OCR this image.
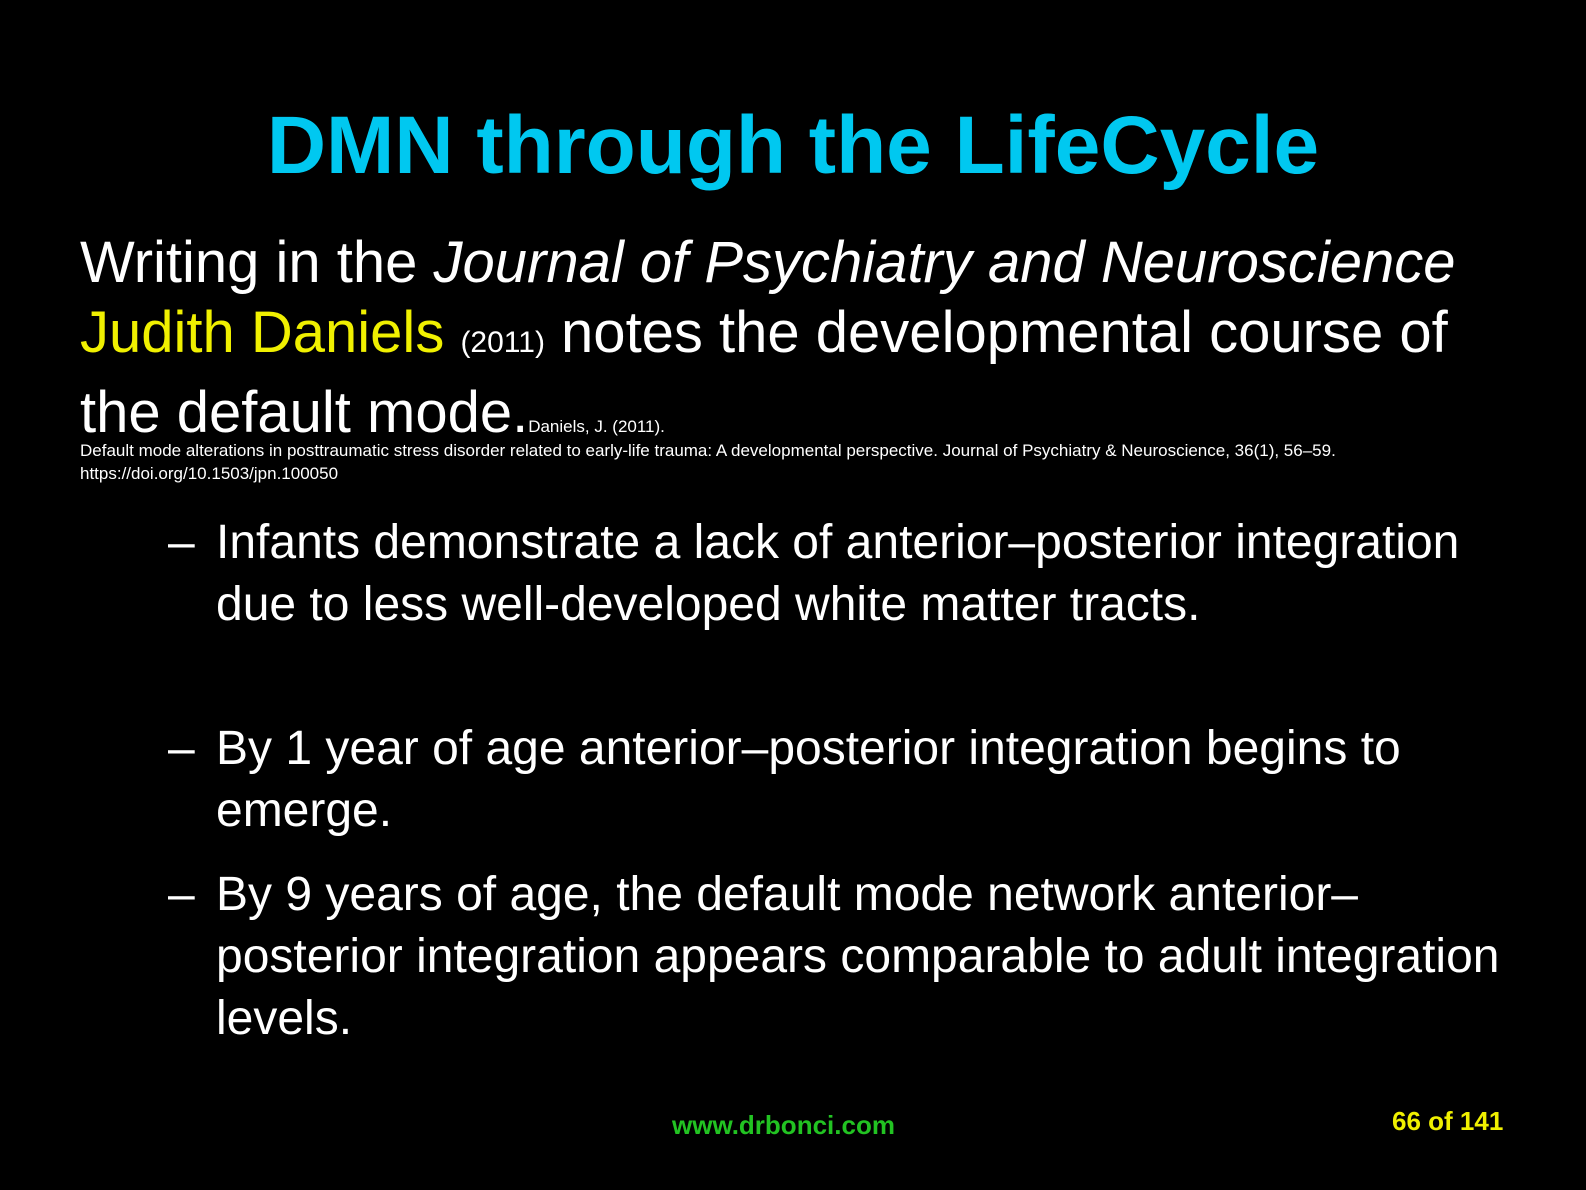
DMN through the LifeCycle

Writing in the Journal of Psychiatry and Neuroscience Judith Daniels (2011) notes the developmental course of the default mode.Daniels, J. (2011).

Default mode alterations in posttraumatic stress disorder related to early-life trauma: A developmental perspective. Journal of Psychiatry & Neuroscience, 36(1), 56–59. https://doi.org/10.1503/jpn.100050

– Infants demonstrate a lack of anterior–posterior integration due to less well-developed white matter tracts.
– By 1 year of age anterior–posterior integration begins to emerge.
– By 9 years of age, the default mode network anterior–posterior integration appears comparable to adult integration levels.
www.drbonci.com	66 of 141
